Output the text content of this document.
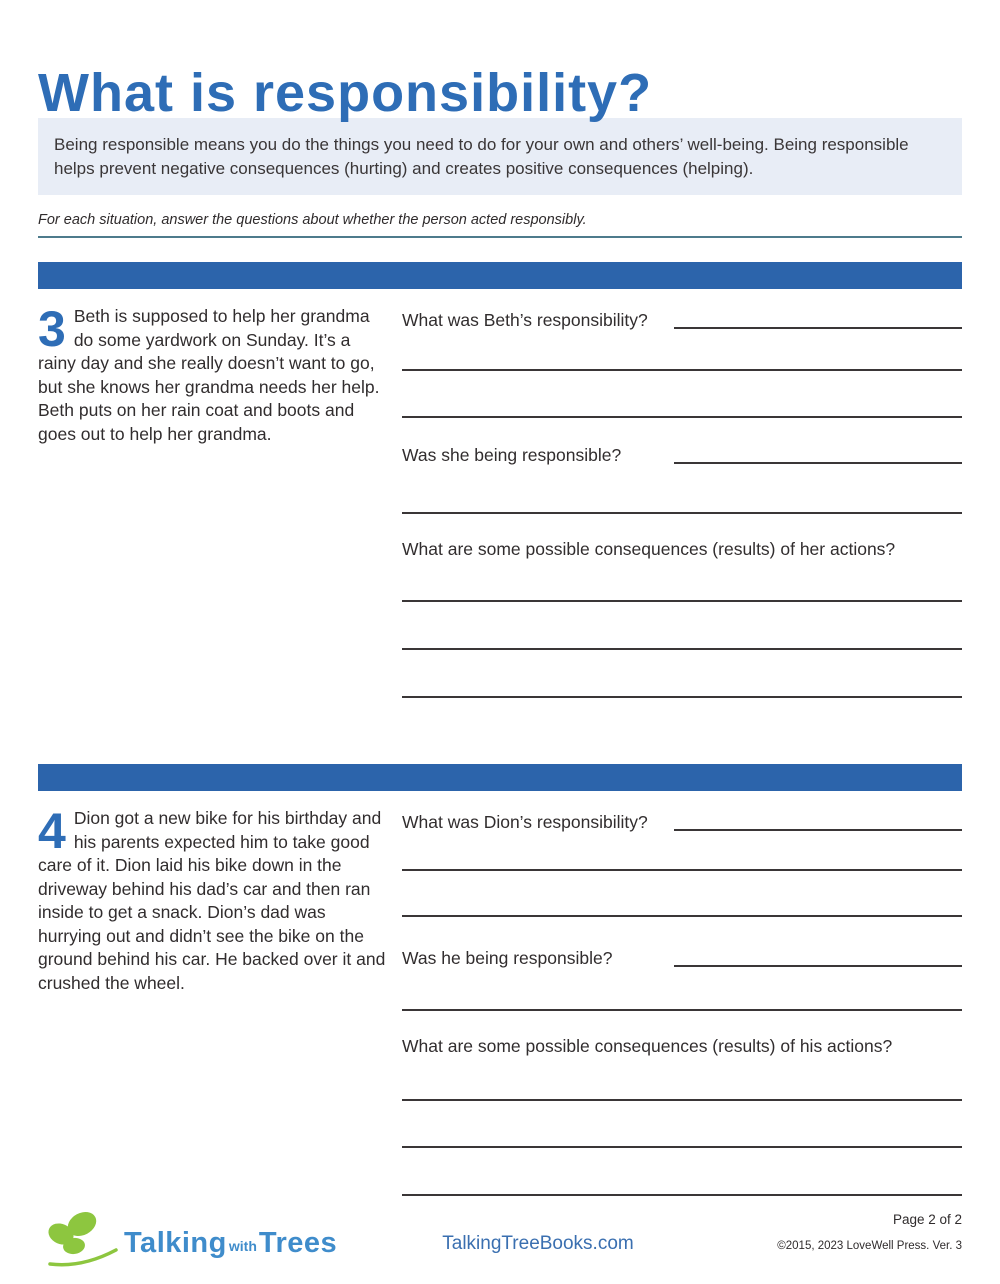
What is responsibility?

Being responsible means you do the things you need to do for your own and others’ well-being. Being responsible helps prevent negative consequences (hurting) and creates positive consequences (helping).

For each situation, answer the questions about whether the person acted responsibly.

3 Beth is supposed to help her grandma do some yardwork on Sunday. It’s a rainy day and she really doesn’t want to go, but she knows her grandma needs her help. Beth puts on her rain coat and boots and goes out to help her grandma.

What was Beth’s responsibility?
Was she being responsible?

What are some possible consequences (results) of her actions?

4 Dion got a new bike for his birthday and his parents expected him to take good care of it. Dion laid his bike down in the driveway behind his dad’s car and then ran inside to get a snack. Dion’s dad was hurrying out and didn’t see the bike on the ground behind his car. He backed over it and crushed the wheel.

What was Dion’s responsibility?
Was he being responsible?

What are some possible consequences (results) of his actions?

Talking withTrees	TalkingTreeBooks.com
Page 2 of 2
©2015, 2023 LoveWell Press. Ver. 3
